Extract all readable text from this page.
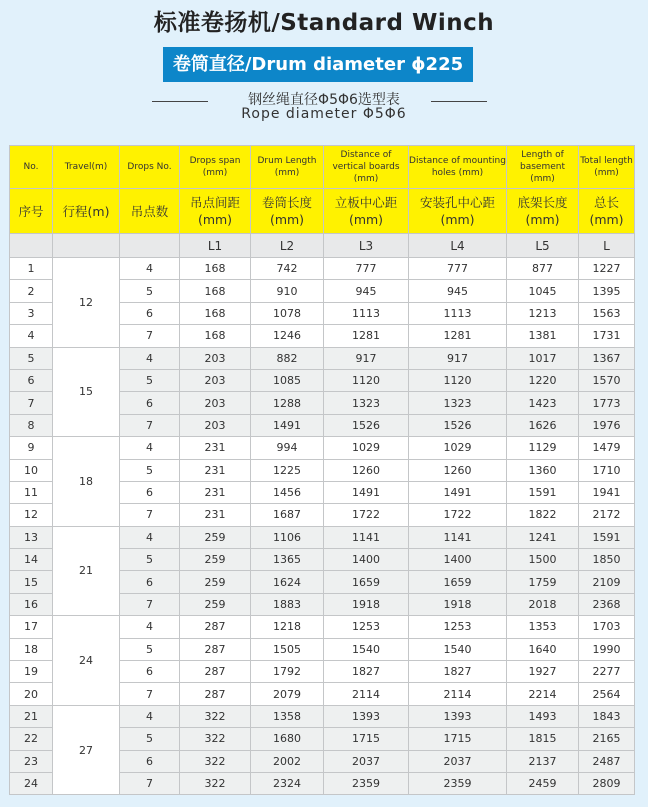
标准卷扬机/Standard Winch
卷筒直径/Drum diameter ϕ225
钢丝绳直径Φ5Φ6选型表
Rope diameter Φ5Φ6
No.	Travel(m)	Drops No.	Drops span (mm)	Drum Length (mm)	Distance of vertical boards (mm)	Distance of mounting holes (mm)	Length of basement (mm)	Total length (mm)
序号	行程(m)	吊点数	吊点间距 (mm)	卷筒长度 (mm)	立板中心距 (mm)	安装孔中心距 (mm)	底架长度 (mm)	总长 (mm)
			L1	L2	L3	L4	L5	L
1	12	4	168	742	777	777	877	1227
2		5	168	910	945	945	1045	1395
3		6	168	1078	1113	1113	1213	1563
4		7	168	1246	1281	1281	1381	1731
5	15	4	203	882	917	917	1017	1367
6		5	203	1085	1120	1120	1220	1570
7		6	203	1288	1323	1323	1423	1773
8		7	203	1491	1526	1526	1626	1976
9	18	4	231	994	1029	1029	1129	1479
10		5	231	1225	1260	1260	1360	1710
11		6	231	1456	1491	1491	1591	1941
12		7	231	1687	1722	1722	1822	2172
13	21	4	259	1106	1141	1141	1241	1591
14		5	259	1365	1400	1400	1500	1850
15		6	259	1624	1659	1659	1759	2109
16		7	259	1883	1918	1918	2018	2368
17	24	4	287	1218	1253	1253	1353	1703
18		5	287	1505	1540	1540	1640	1990
19		6	287	1792	1827	1827	1927	2277
20		7	287	2079	2114	2114	2214	2564
21	27	4	322	1358	1393	1393	1493	1843
22		5	322	1680	1715	1715	1815	2165
23		6	322	2002	2037	2037	2137	2487
24		7	322	2324	2359	2359	2459	2809
